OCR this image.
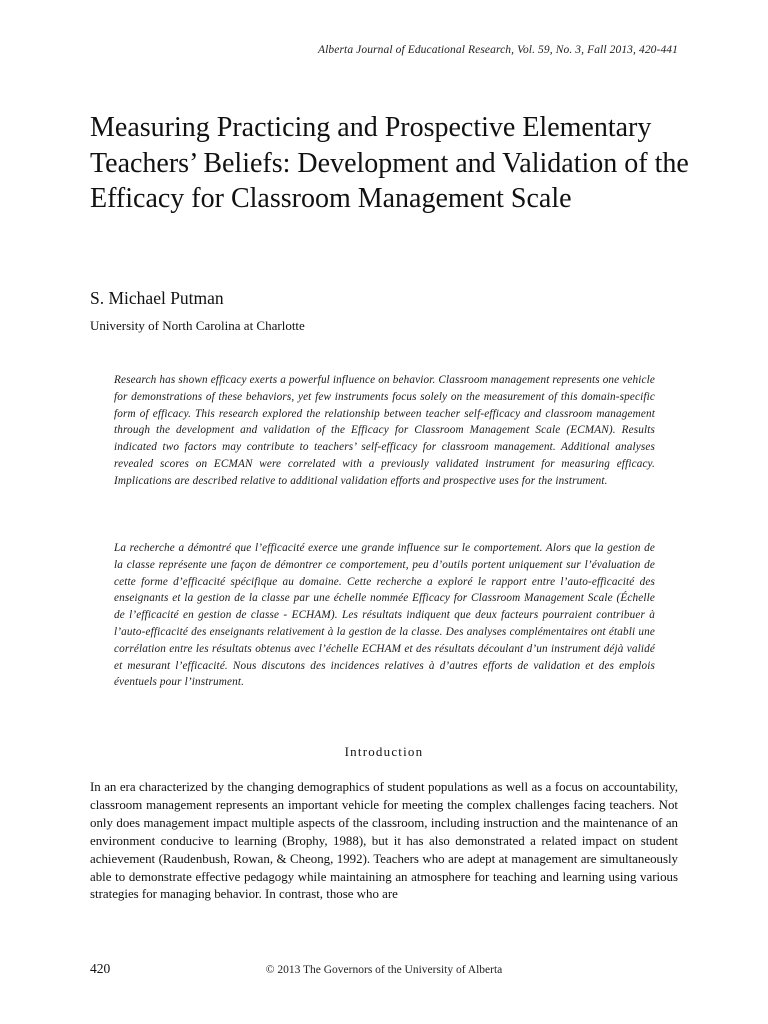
Alberta Journal of Educational Research, Vol. 59, No. 3, Fall 2013, 420-441
Measuring Practicing and Prospective Elementary Teachers’ Beliefs: Development and Validation of the Efficacy for Classroom Management Scale
S. Michael Putman
University of North Carolina at Charlotte

Research has shown efficacy exerts a powerful influence on behavior. Classroom management represents one vehicle for demonstrations of these behaviors, yet few instruments focus solely on the measurement of this domain-specific form of efficacy. This research explored the relationship between teacher self-efficacy and classroom management through the development and validation of the Efficacy for Classroom Management Scale (ECMAN). Results indicated two factors may contribute to teachers’ self-efficacy for classroom management. Additional analyses revealed scores on ECMAN were correlated with a previously validated instrument for measuring efficacy. Implications are described relative to additional validation efforts and prospective uses for the instrument.

La recherche a démontré que l’efficacité exerce une grande influence sur le comportement. Alors que la gestion de la classe représente une façon de démontrer ce comportement, peu d’outils portent uniquement sur l’évaluation de cette forme d’efficacité spécifique au domaine. Cette recherche a exploré le rapport entre l’auto-efficacité des enseignants et la gestion de la classe par une échelle nommée Efficacy for Classroom Management Scale (Échelle de l’efficacité en gestion de classe - ECHAM). Les résultats indiquent que deux facteurs pourraient contribuer à l’auto-efficacité des enseignants relativement à la gestion de la classe. Des analyses complémentaires ont établi une corrélation entre les résultats obtenus avec l’échelle ECHAM et des résultats découlant d’un instrument déjà validé et mesurant l’efficacité. Nous discutons des incidences relatives à d’autres efforts de validation et des emplois éventuels pour l’instrument.

Introduction

In an era characterized by the changing demographics of student populations as well as a focus on accountability, classroom management represents an important vehicle for meeting the complex challenges facing teachers. Not only does management impact multiple aspects of the classroom, including instruction and the maintenance of an environment conducive to learning (Brophy, 1988), but it has also demonstrated a related impact on student achievement (Raudenbush, Rowan, & Cheong, 1992). Teachers who are adept at management are simultaneously able to demonstrate effective pedagogy while maintaining an atmosphere for teaching and learning using various strategies for managing behavior. In contrast, those who are

420	© 2013 The Governors of the University of Alberta
